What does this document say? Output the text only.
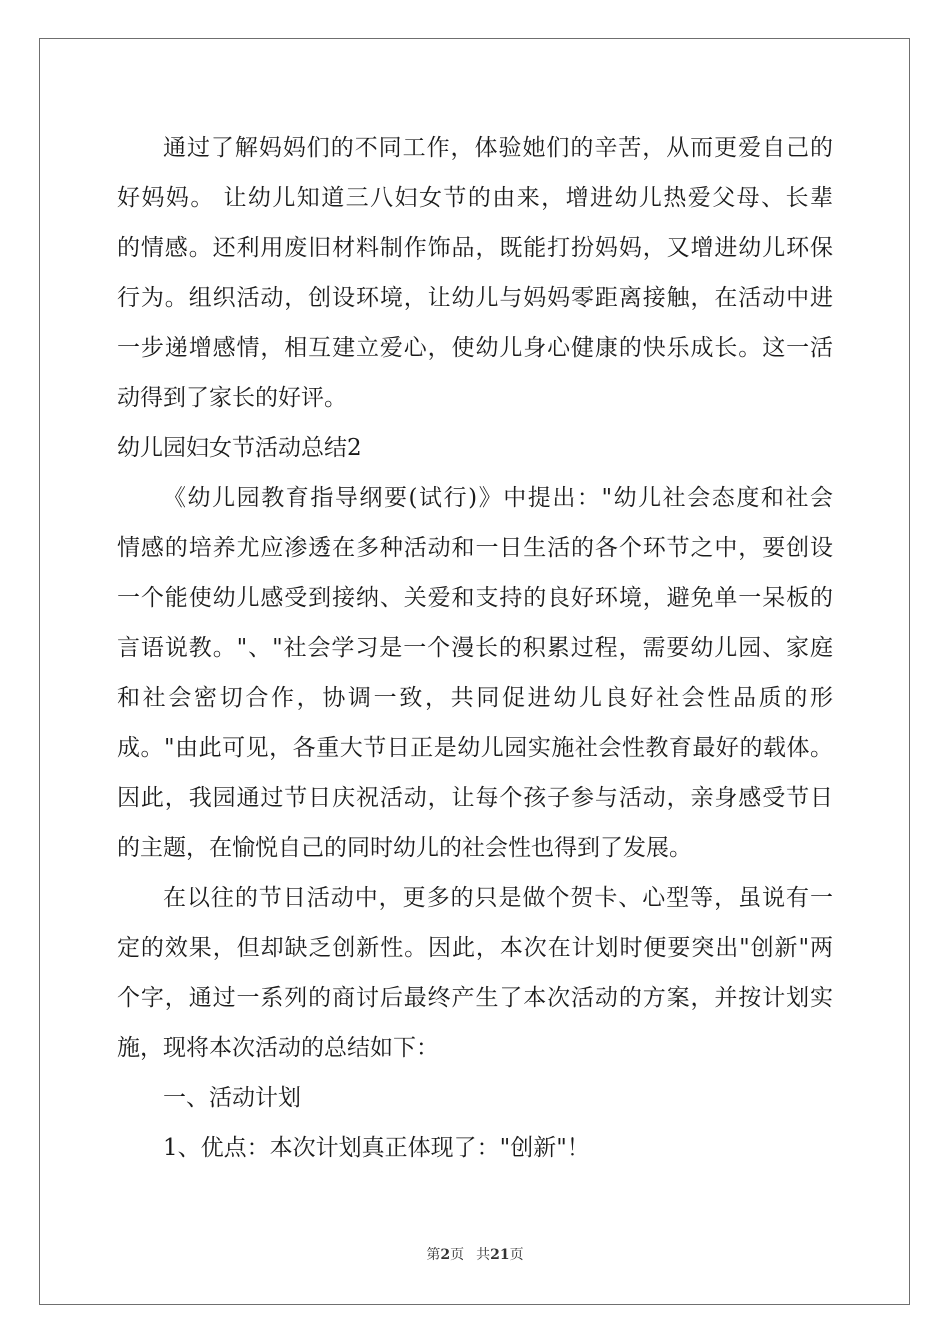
通过了解妈妈们的不同工作，体验她们的辛苦，从而更爱自己的
好妈妈。 让幼儿知道三八妇女节的由来，增进幼儿热爱父母、长辈
的情感。还利用废旧材料制作饰品，既能打扮妈妈，又增进幼儿环保
行为。组织活动，创设环境，让幼儿与妈妈零距离接触，在活动中进
一步递增感情，相互建立爱心，使幼儿身心健康的快乐成长。这一活
动得到了家长的好评。
幼儿园妇女节活动总结2
《幼儿园教育指导纲要(试行)》中提出："幼儿社会态度和社会
情感的培养尤应渗透在多种活动和一日生活的各个环节之中，要创设
一个能使幼儿感受到接纳、关爱和支持的良好环境，避免单一呆板的
言语说教。"、"社会学习是一个漫长的积累过程，需要幼儿园、家庭
和社会密切合作，协调一致，共同促进幼儿良好社会性品质的形
成。"由此可见，各重大节日正是幼儿园实施社会性教育最好的载体。
因此，我园通过节日庆祝活动，让每个孩子参与活动，亲身感受节日
的主题，在愉悦自己的同时幼儿的社会性也得到了发展。
在以往的节日活动中，更多的只是做个贺卡、心型等，虽说有一
定的效果，但却缺乏创新性。因此，本次在计划时便要突出"创新"两
个字，通过一系列的商讨后最终产生了本次活动的方案，并按计划实
施，现将本次活动的总结如下：
一、活动计划
1、优点：本次计划真正体现了："创新"！
第2页 共21页
